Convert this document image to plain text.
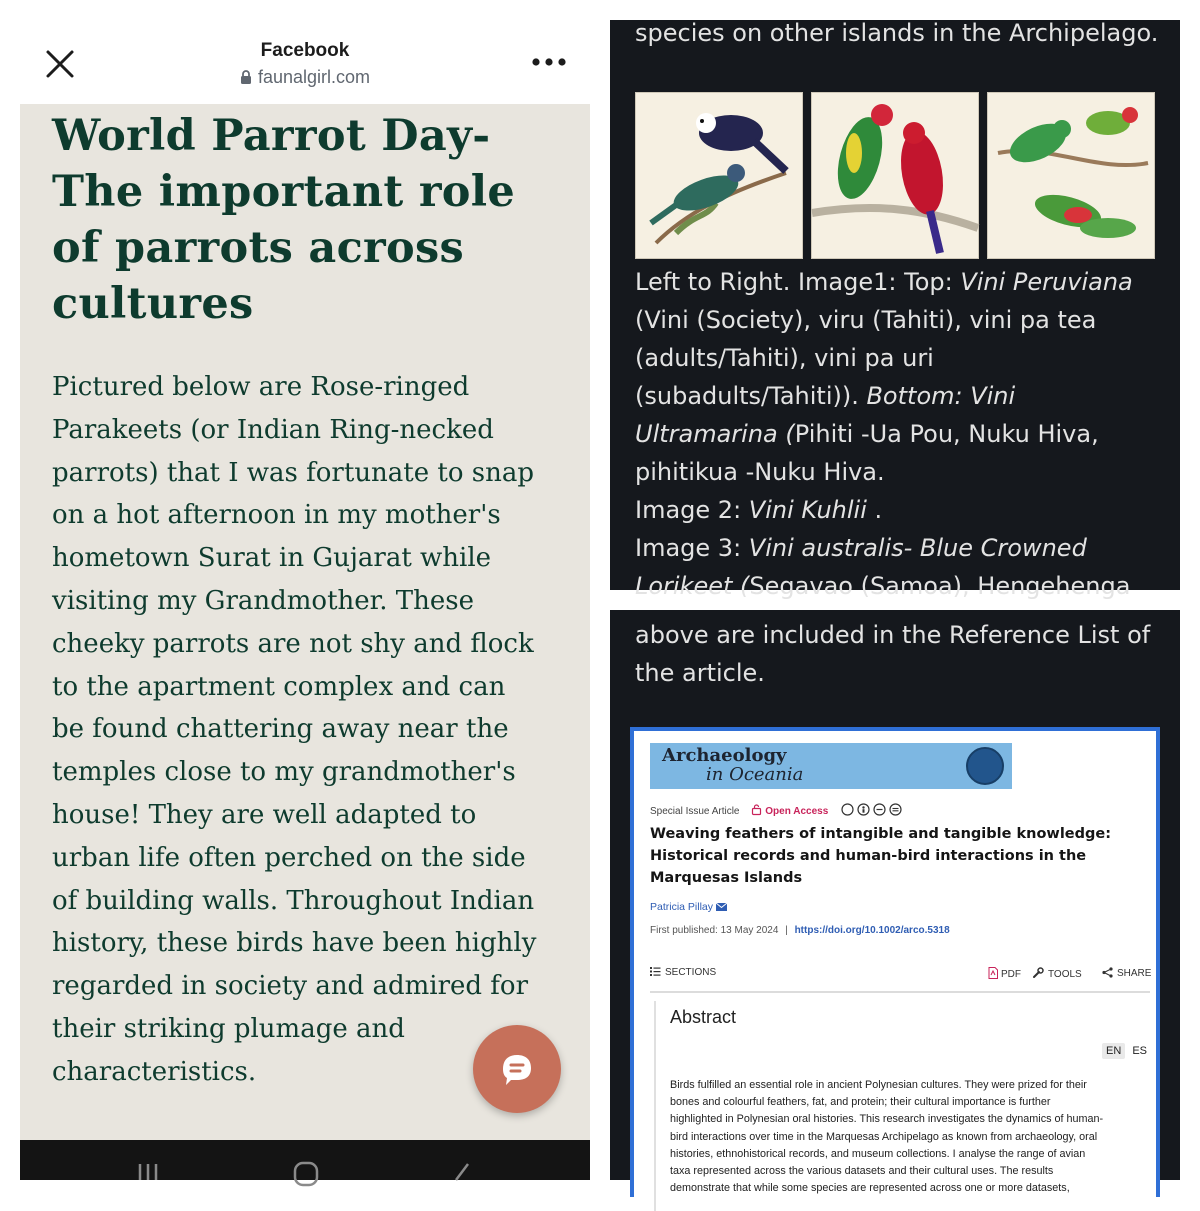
Facebook
faunalgirl.com
World Parrot Day-
The important role
of parrots across
cultures
Pictured below are Rose-ringed
Parakeets (or Indian Ring-necked
parrots) that I was fortunate to snap
on a hot afternoon in my mother's
hometown Surat in Gujarat while
visiting my Grandmother. These
cheeky parrots are not shy and flock
to the apartment complex and can
be found chattering away near the
temples close to my grandmother's
house! They are well adapted to
urban life often perched on the side
of building walls. Throughout Indian
history, these birds have been highly
regarded in society and admired for
their striking plumage and
characteristics.
species on other islands in the Archipelago.
Left to Right. Image1: Top: Vini Peruviana
(Vini (Society), viru (Tahiti), vini pa tea
(adults/Tahiti), vini pa uri
(subadults/Tahiti)). Bottom: Vini
Ultramarina (Pihiti -Ua Pou, Nuku Hiva,
pihitikua -Nuku Hiva.
Image 2: Vini Kuhlii .
Image 3: Vini australis- Blue Crowned
Lorikeet (Segavao (Samoa), Hengehenga
above are included in the Reference List of
the article.
Archaeology
in Oceania
Special Issue Article	Open Access
Weaving feathers of intangible and tangible knowledge:
Historical records and human-bird interactions in the
Marquesas Islands
Patricia Pillay
First published: 13 May 2024 | https://doi.org/10.1002/arco.5318
SECTIONS	PDF	TOOLS	SHARE
Abstract
EN ES
Birds fulfilled an essential role in ancient Polynesian cultures. They were prized for their
bones and colourful feathers, fat, and protein; their cultural importance is further
highlighted in Polynesian oral histories. This research investigates the dynamics of human-
bird interactions over time in the Marquesas Archipelago as known from archaeology, oral
histories, ethnohistorical records, and museum collections. I analyse the range of avian
taxa represented across the various datasets and their cultural uses. The results
demonstrate that while some species are represented across one or more datasets,
